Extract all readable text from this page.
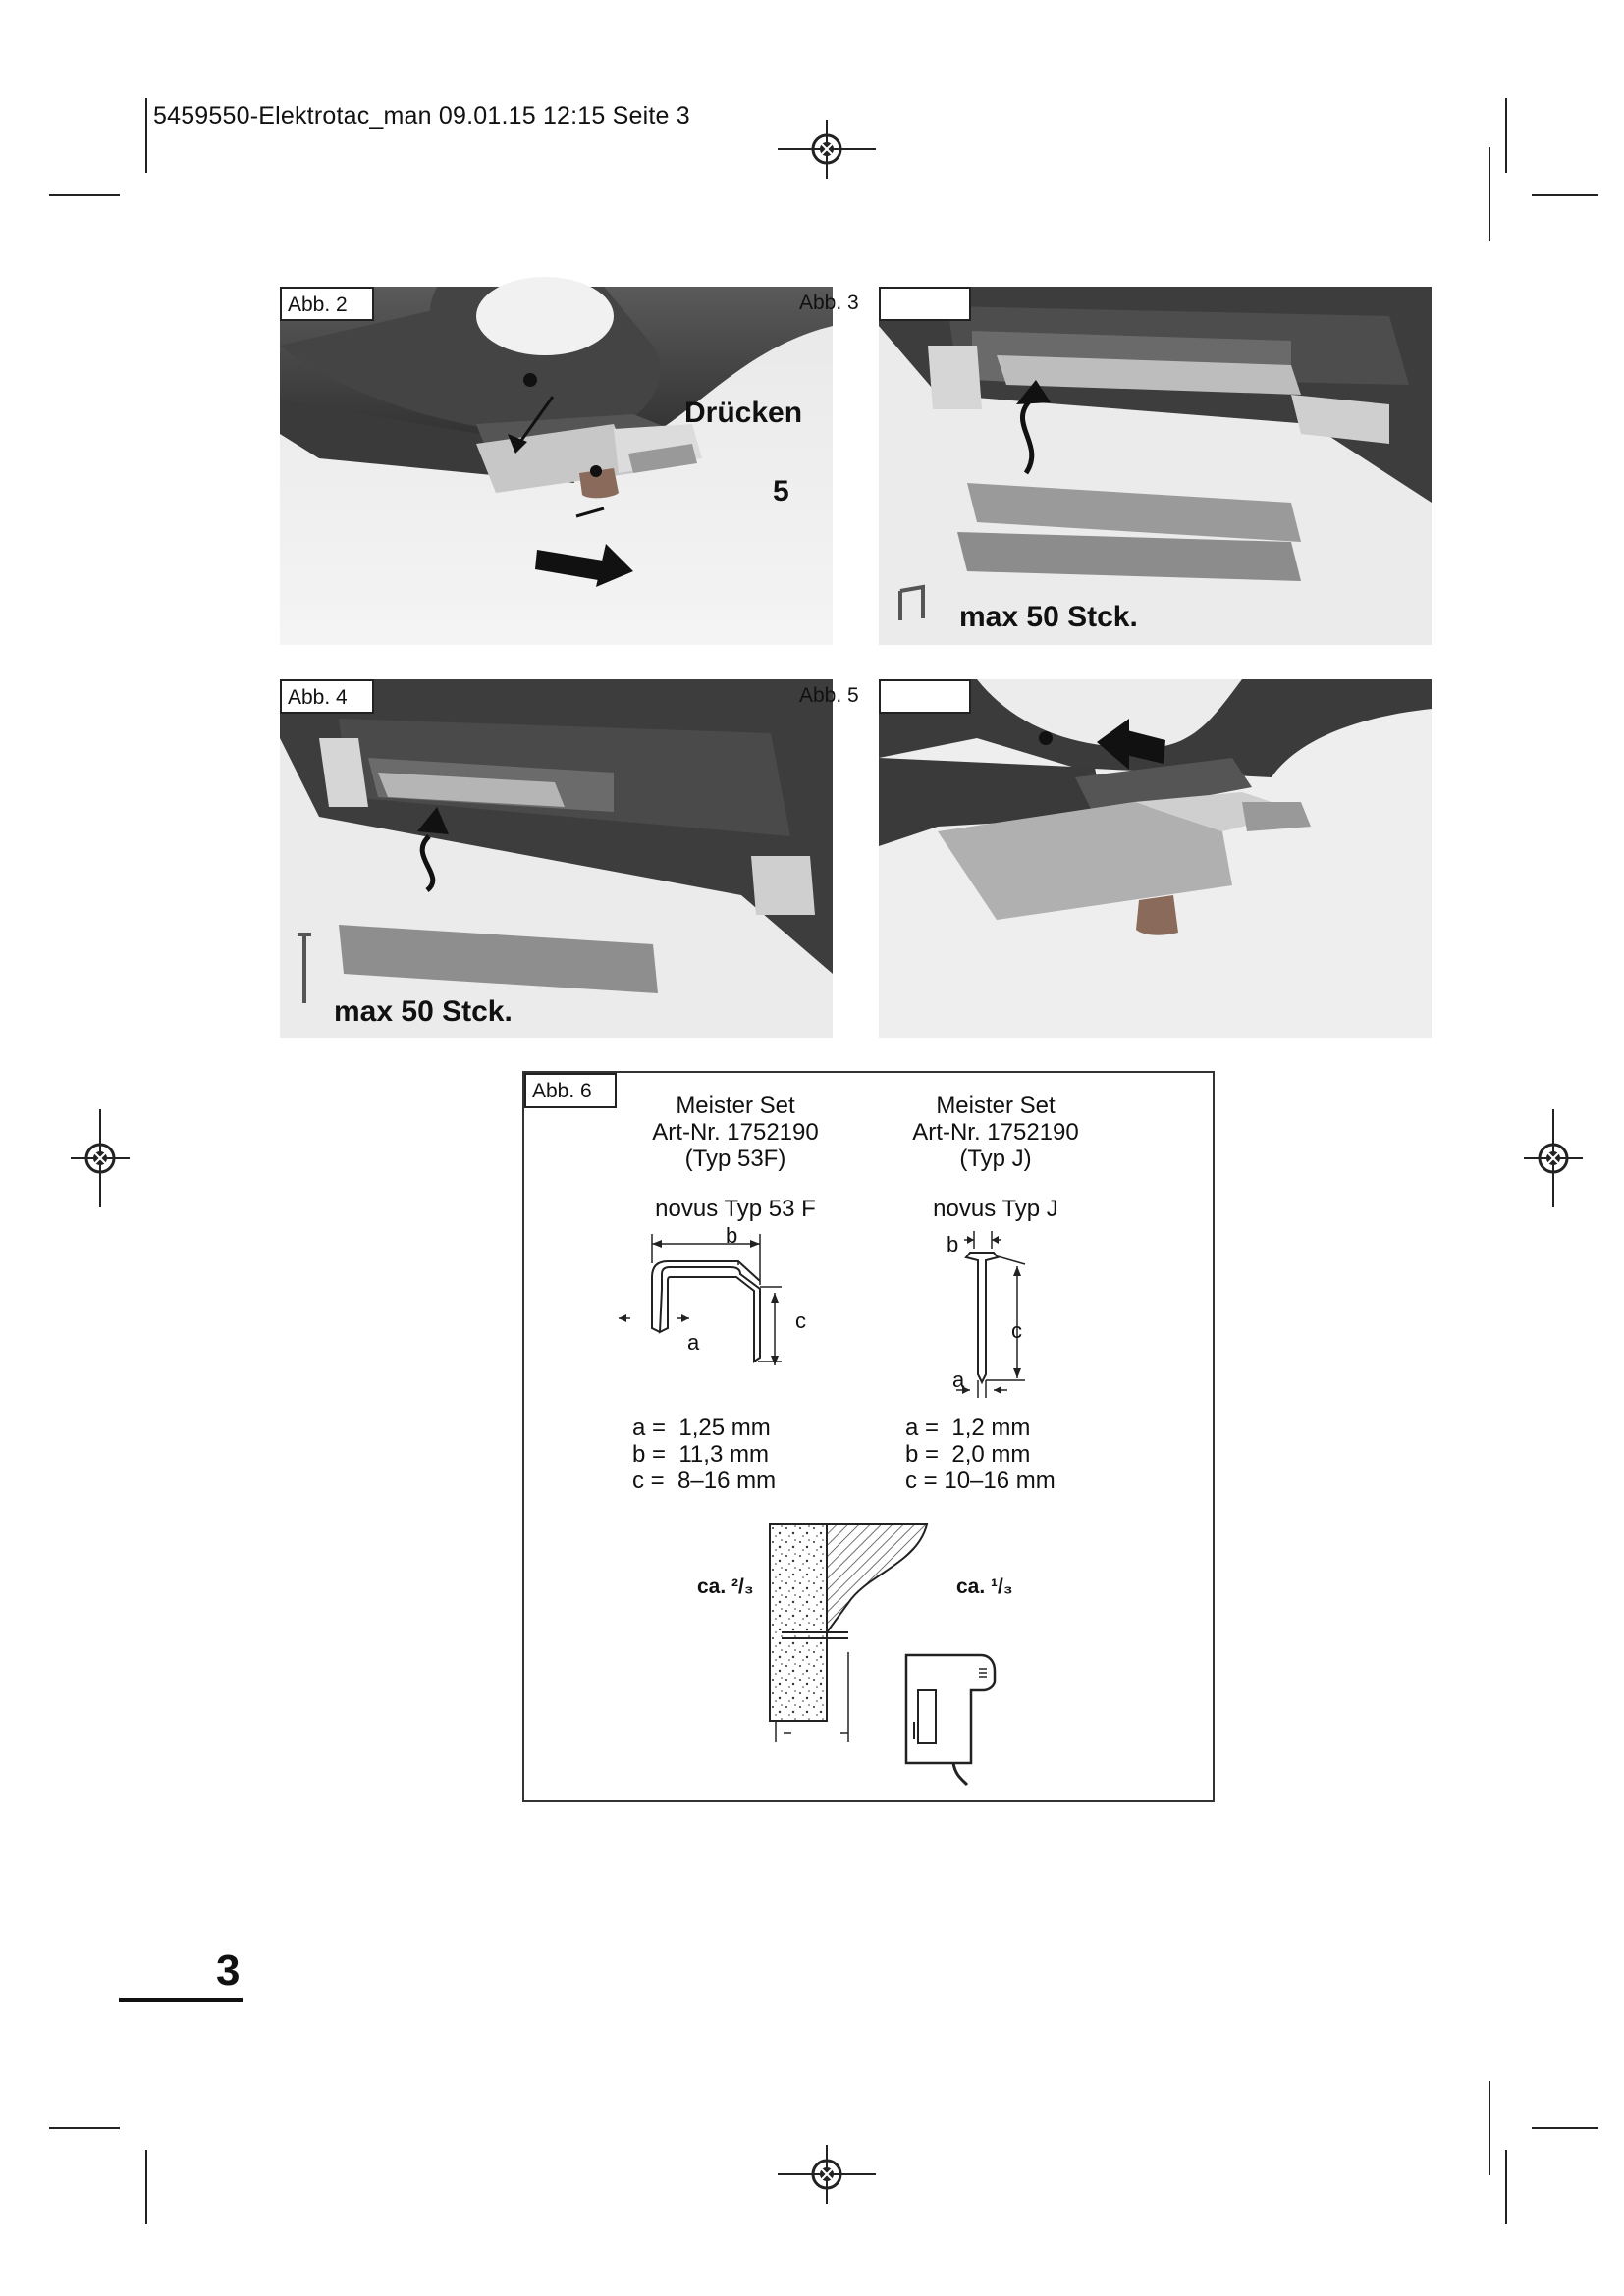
5459550-Elektrotac_man 09.01.15 12:15 Seite 3
Abb. 2
Drücken
5
Abb. 3
max 50 Stck.
Abb. 4
max 50 Stck.
Abb. 5
Abb. 6
Meister Set
Art-Nr. 1752190
(Typ 53F)
novus Typ 53 F
b
a
c
a =  1,25 mm
b =  11,3 mm
c =  8–16 mm
Meister Set
Art-Nr. 1752190
(Typ J)
novus Typ J
b
c
a
a =  1,2 mm
b =  2,0 mm
c = 10–16 mm
ca. ²/₃	ca. ¹/₃
3
